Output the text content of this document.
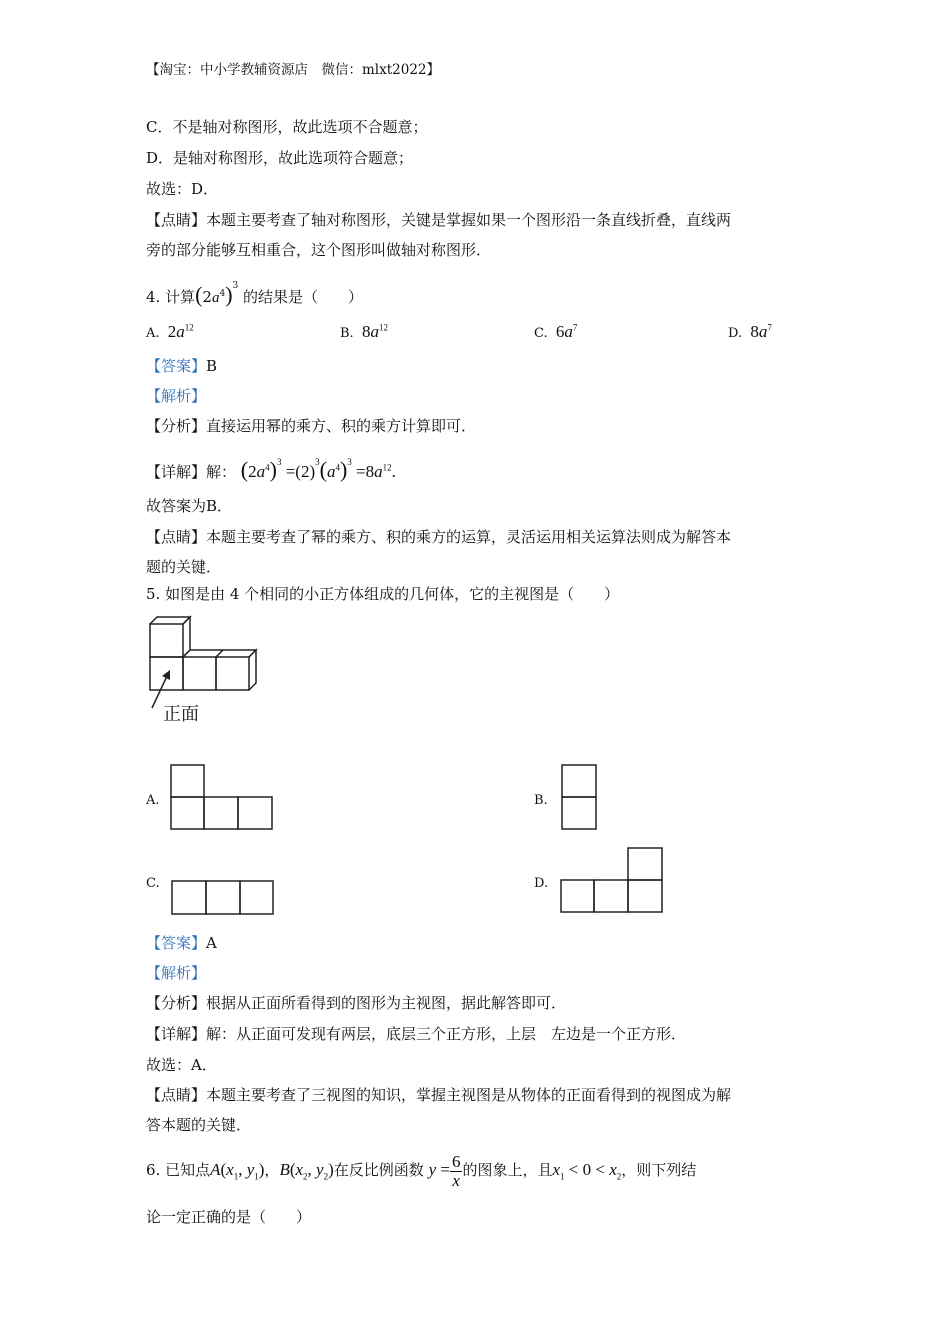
【淘宝：中小学教辅资源店　微信：mlxt2022】
C．不是轴对称图形，故此选项不合题意；
D．是轴对称图形，故此选项符合题意；
故选：D．
【点睛】本题主要考查了轴对称图形，关键是掌握如果一个图形沿一条直线折叠，直线两
旁的部分能够互相重合，这个图形叫做轴对称图形．
4. 计算$(2a^4)^3$ 的结果是（　　）
A. $2a^{12}$	B. $8a^{12}$	C. $6a^7$	D. $8a^7$
【答案】B
【解析】
【分析】直接运用幂的乘方、积的乘方计算即可．
【详解】解： $(2a^4)^3 =(2)^3(a^4)^3 =8a^{12}$.
故答案为B．
【点睛】本题主要考查了幂的乘方、积的乘方的运算，灵活运用相关运算法则成为解答本
题的关键．
5. 如图是由 4 个相同的小正方体组成的几何体，它的主视图是（　　）
正面
A.	B.
C.	D.
【答案】A
【解析】
【分析】根据从正面所看得到的图形为主视图，据此解答即可．
【详解】解：从正面可发现有两层，底层三个正方形，上层　左边是一个正方形．
故选：A．
【点睛】本题主要考查了三视图的知识，掌握主视图是从物体的正面看得到的视图成为解
答本题的关键．
6. 已知点$A(x_1$, $y_1$)，$B(x_2$, $y_2$)在反比例函数 $y = \frac{6}{x}$ 的图象上，且$x_1 < 0 < x_2$，则下列结
论一定正确的是（　　）
